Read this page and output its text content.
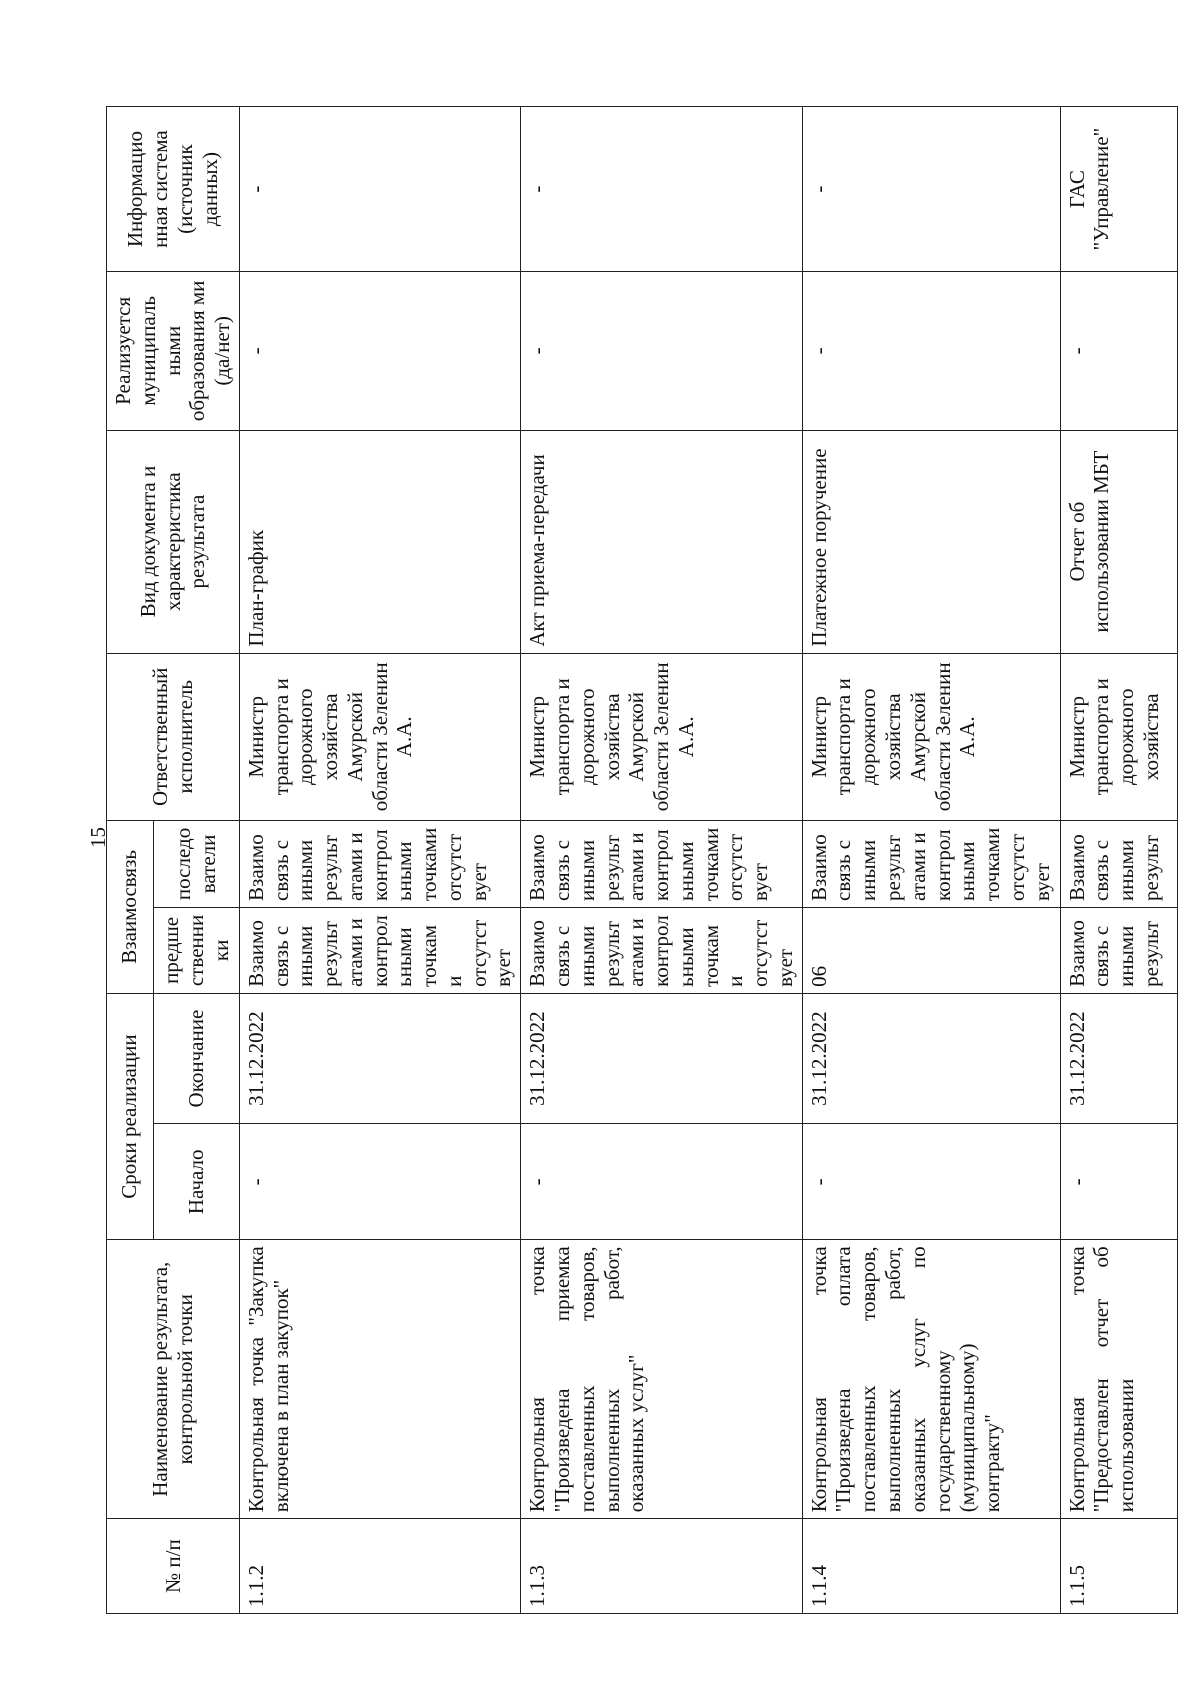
15
№ п/п	Наименование результата, контрольной точки	Сроки реализации		Взаимосвязь		Ответственный исполнитель	Вид документа и характеристика результата	Реализуется муниципаль ными образования ми (да/нет)	Информацио нная система (источник данных)
		Начало	Окончание	предше ственни ки	последо ватели				
1.1.2	Контрольная точка "Закупка включена в план закупок"	-	31.12.2022	Взаимо связь с иными результ атами и контрол ьными точками отсутст вует	Взаимо связь с иными результ атами и контрол ьными точками отсутст вует	Министр транспорта и дорожного хозяйства Амурской области Зеленин А.А.	План-график	-	-
1.1.3	Контрольная точка "Произведена приемка поставленных товаров, выполненных работ, оказанных услуг"	-	31.12.2022	Взаимо связь с иными результ атами и контрол ьными точками отсутст вует	Взаимо связь с иными результ атами и контрол ьными точками отсутст вует	Министр транспорта и дорожного хозяйства Амурской области Зеленин А.А.	Акт приема-передачи	-	-
1.1.4	Контрольная точка "Произведена оплата поставленных товаров, выполненных работ, оказанных услуг по государственному (муниципальному) контракту"	-	31.12.2022	06	Взаимо связь с иными результ атами и контрол ьными точками отсутст вует	Министр транспорта и дорожного хозяйства Амурской области Зеленин А.А.	Платежное поручение	-	-
1.1.5	Контрольная точка "Предоставлен отчет об использовании	-	31.12.2022	Взаимо связь с иными результ	Взаимо связь с иными результ	Министр транспорта и дорожного хозяйства	Отчет об использовании МБТ	-	ГАС "Управление"
